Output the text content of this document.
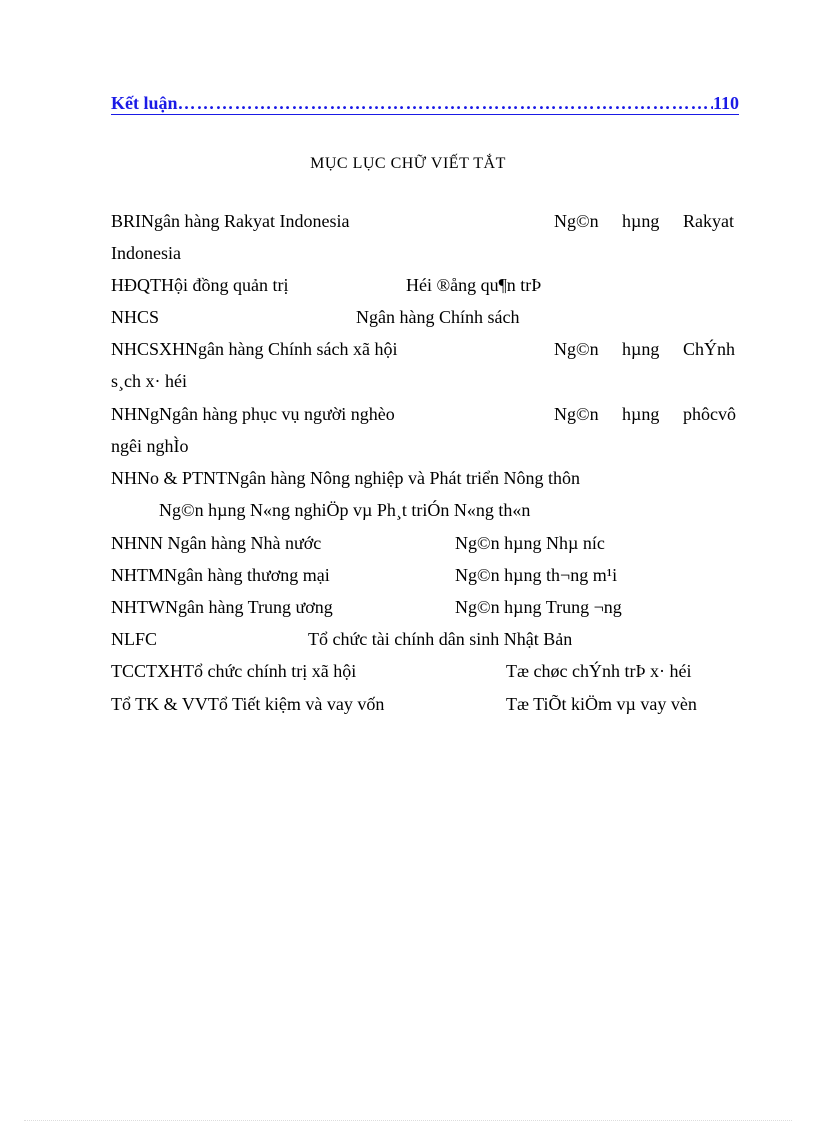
Kết luận
……………………………………………………………………………………………………………………………………………………	110
MỤC LỤC CHỮ VIẾT TẮT
BRINgân hàng Rakyat Indonesia	Ng©n hµng Rakyat
Indonesia
HĐQTHội đồng quản trị	Héi ®ång qu¶n trÞ
NHCS	Ngân hàng Chính sách
NHCSXHNgân hàng Chính sách xã hội	Ng©n hµng ChÝnh
s¸ch x· héi
NHNgNgân hàng phục vụ người nghèo	Ng©n hµng phôc vô
ngêi nghÌo
NHNo & PTNTNgân hàng Nông nghiệp và Phát triển Nông thôn
Ng©n hµng N«ng nghiÖp vµ Ph¸t triÓn N«ng th«n
NHNN Ngân hàng Nhà nước	Ng©n hµng Nhµ níc
NHTMNgân hàng thương mại	Ng©n hµng th¬ng m¹i
NHTWNgân hàng Trung ương	Ng©n hµng Trung ¬ng
NLFC	Tổ chức tài chính dân sinh Nhật Bản
TCCTXHTổ chức chính trị xã hội	Tæ chøc chÝnh trÞ x· héi
Tổ TK & VVTổ Tiết kiệm và vay vốn	Tæ TiÕt kiÖm vµ vay vèn
